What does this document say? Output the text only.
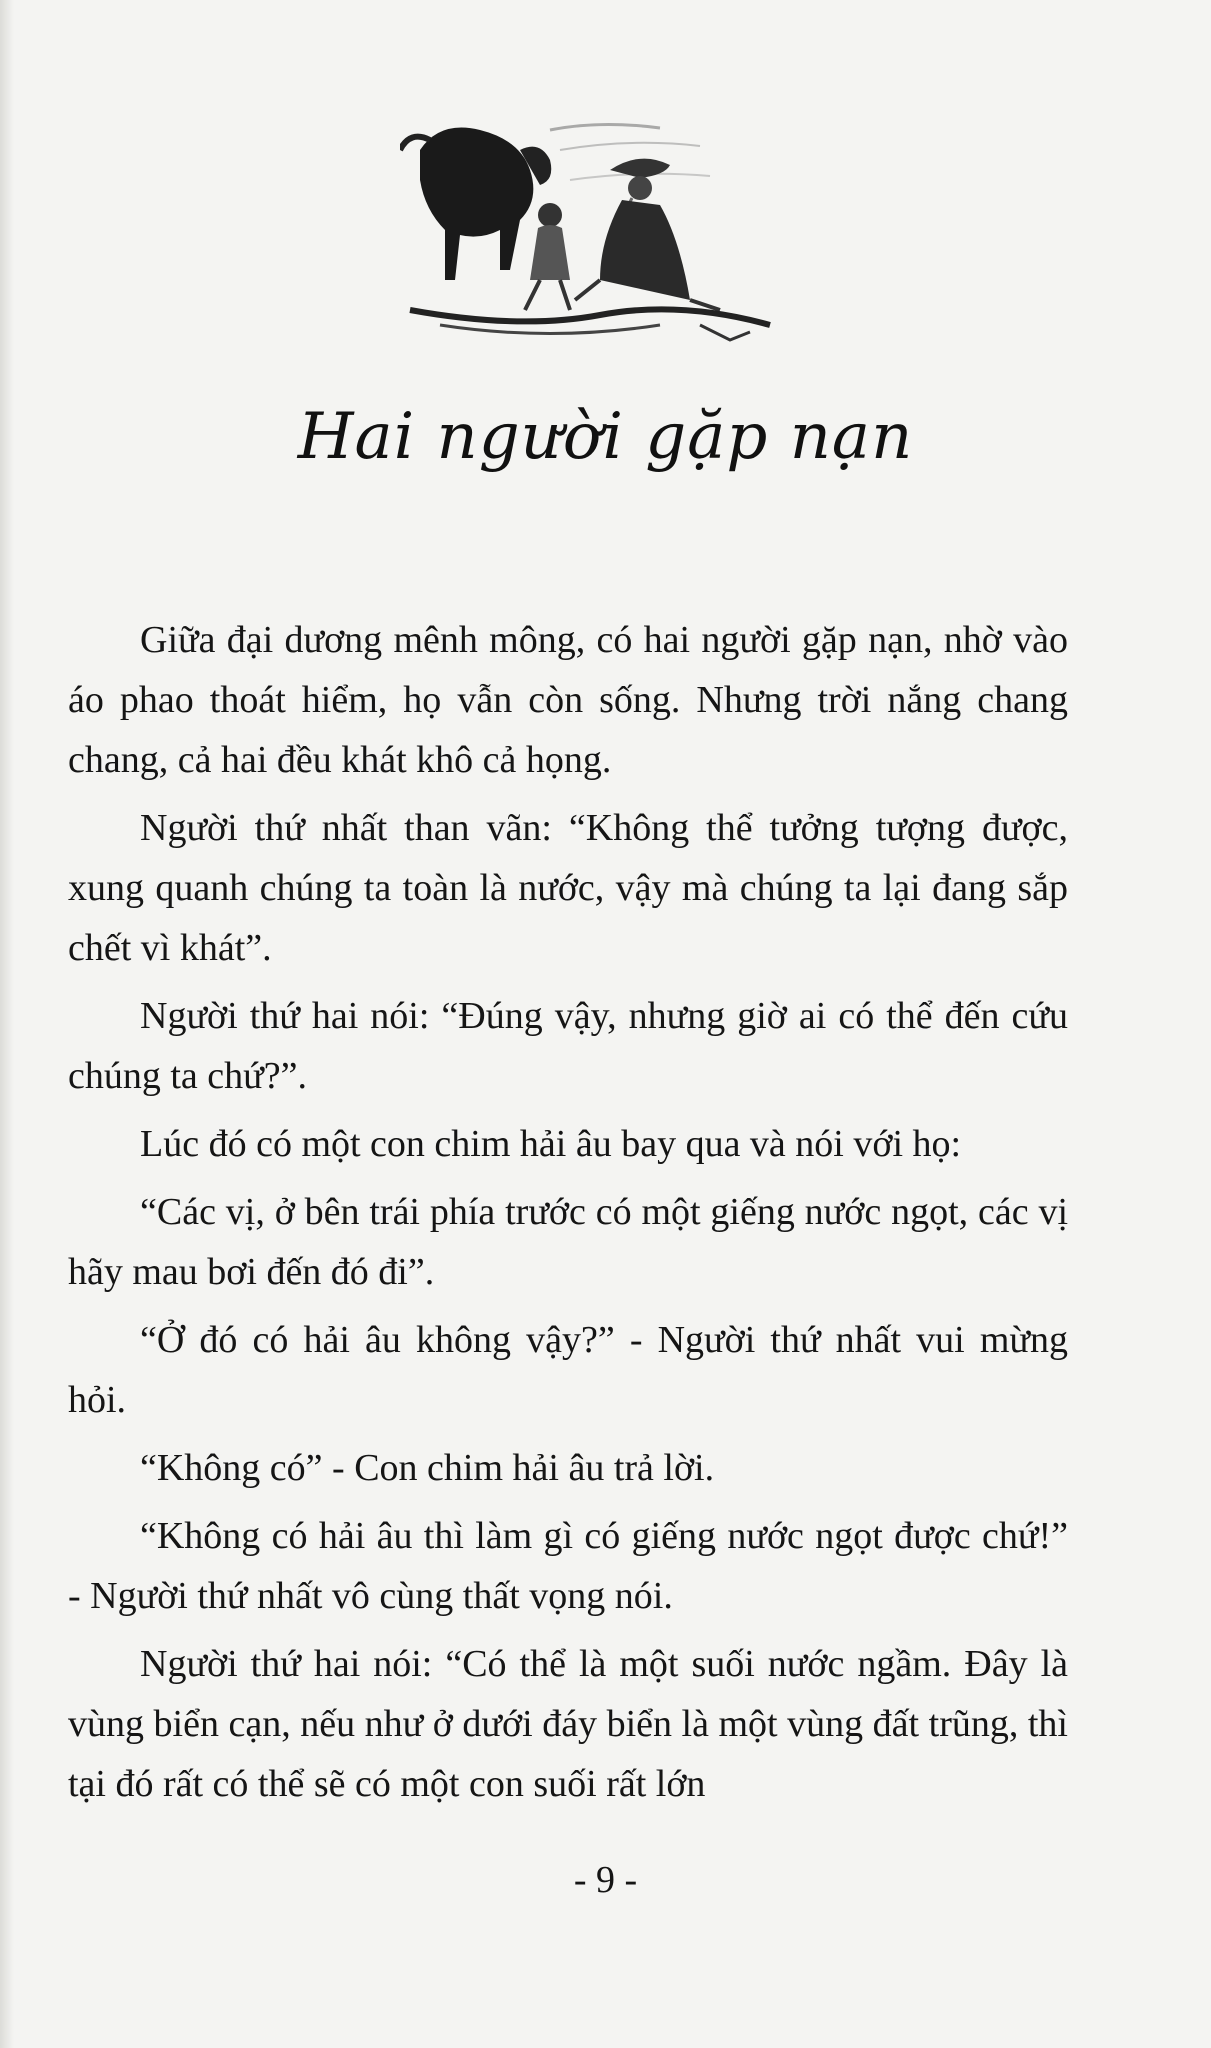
Hai người gặp nạn

Giữa đại dương mênh mông, có hai người gặp nạn, nhờ vào áo phao thoát hiểm, họ vẫn còn sống. Nhưng trời nắng chang chang, cả hai đều khát khô cả họng.

Người thứ nhất than vãn: “Không thể tưởng tượng được, xung quanh chúng ta toàn là nước, vậy mà chúng ta lại đang sắp chết vì khát”.

Người thứ hai nói: “Đúng vậy, nhưng giờ ai có thể đến cứu chúng ta chứ?”.

Lúc đó có một con chim hải âu bay qua và nói với họ:

“Các vị, ở bên trái phía trước có một giếng nước ngọt, các vị hãy mau bơi đến đó đi”.

“Ở đó có hải âu không vậy?” - Người thứ nhất vui mừng hỏi.

“Không có” - Con chim hải âu trả lời.

“Không có hải âu thì làm gì có giếng nước ngọt được chứ!” - Người thứ nhất vô cùng thất vọng nói.

Người thứ hai nói: “Có thể là một suối nước ngầm. Đây là vùng biển cạn, nếu như ở dưới đáy biển là một vùng đất trũng, thì tại đó rất có thể sẽ có một con suối rất lớn

- 9 -
